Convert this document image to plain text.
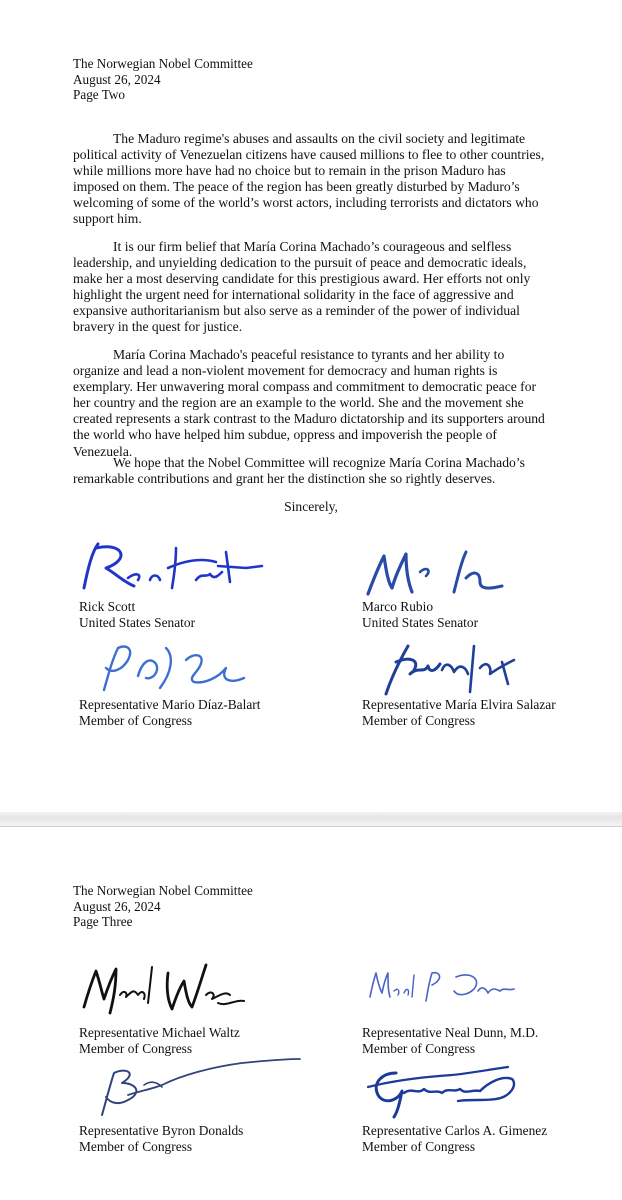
The Norwegian Nobel Committee
August 26, 2024
Page Two

The Maduro regime's abuses and assaults on the civil society and legitimate political activity of Venezuelan citizens have caused millions to flee to other countries, while millions more have had no choice but to remain in the prison Maduro has imposed on them. The peace of the region has been greatly disturbed by Maduro’s welcoming of some of the world’s worst actors, including terrorists and dictators who support him.

It is our firm belief that María Corina Machado’s courageous and selfless leadership, and unyielding dedication to the pursuit of peace and democratic ideals, make her a most deserving candidate for this prestigious award. Her efforts not only highlight the urgent need for international solidarity in the face of aggressive and expansive authoritarianism but also serve as a reminder of the power of individual bravery in the quest for justice.

María Corina Machado's peaceful resistance to tyrants and her ability to organize and lead a non-violent movement for democracy and human rights is exemplary. Her unwavering moral compass and commitment to democratic peace for her country and the region are an example to the world. She and the movement she created represents a stark contrast to the Maduro dictatorship and its supporters around the world who have helped him subdue, oppress and impoverish the people of Venezuela.

We hope that the Nobel Committee will recognize María Corina Machado’s remarkable contributions and grant her the distinction she so rightly deserves.

Sincerely,
Rick Scott
United States Senator
Marco Rubio
United States Senator
Representative Mario Díaz-Balart
Member of Congress
Representative María Elvira Salazar
Member of Congress
The Norwegian Nobel Committee
August 26, 2024
Page Three
Representative Michael Waltz
Member of Congress
Representative Neal Dunn, M.D.
Member of Congress
Representative Byron Donalds
Member of Congress
Representative Carlos A. Gimenez
Member of Congress
